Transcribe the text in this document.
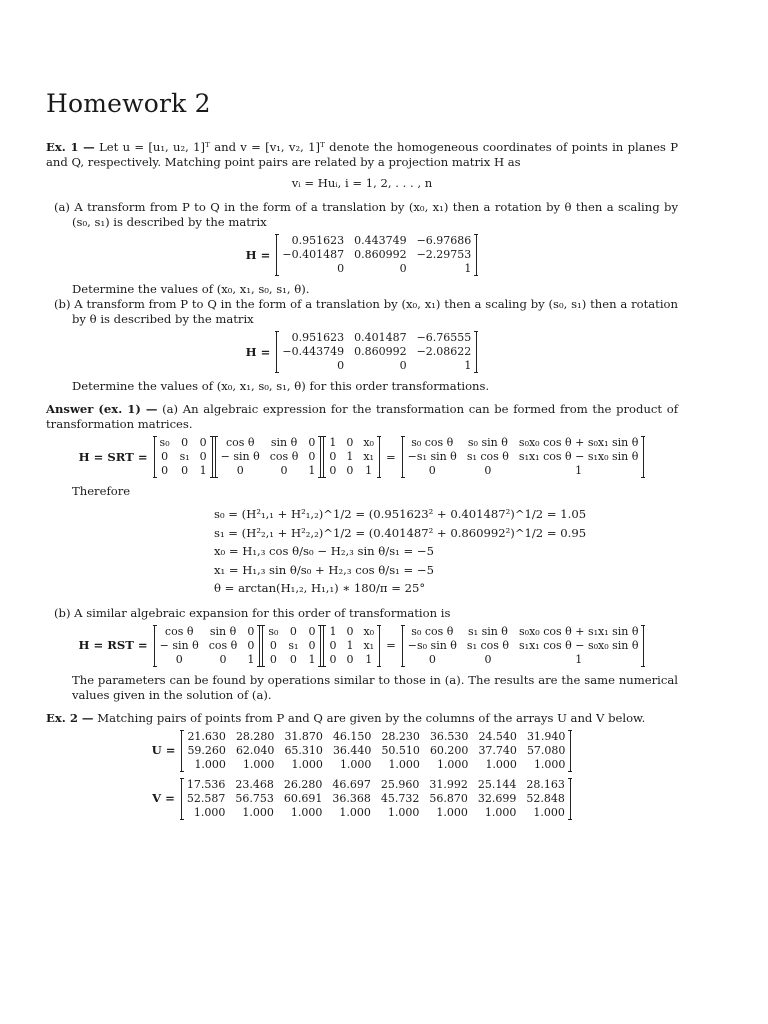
Homework 2

Ex. 1 — Let u = [u₁, u₂, 1]ᵀ and v = [v₁, v₂, 1]ᵀ denote the homogeneous coordinates of points in planes P and Q, respectively. Matching point pairs are related by a projection matrix H as

vᵢ = Huᵢ, i = 1, 2, . . . , n

(a) A transform from P to Q in the form of a translation by (x₀, x₁) then a rotation by θ then a scaling by (s₀, s₁) is described by the matrix

H =
0.951623	0.443749	−6.97686
−0.401487	0.860992	−2.29753
0	0	1

Determine the values of (x₀, x₁, s₀, s₁, θ).

(b) A transform from P to Q in the form of a translation by (x₀, x₁) then a scaling by (s₀, s₁) then a rotation by θ is described by the matrix

H =
0.951623	0.401487	−6.76555
−0.443749	0.860992	−2.08622
0	0	1

Determine the values of (x₀, x₁, s₀, s₁, θ) for this order transformations.

Answer (ex. 1) — (a) An algebraic expression for the transformation can be formed from the product of transformation matrices.

H = SRT =
s₀	0	0
0	s₁	0
0	0	1
cos θ	sin θ	0
− sin θ	cos θ	0
0	0	1
1	0	x₀
0	1	x₁
0	0	1
=
s₀ cos θ	s₀ sin θ	s₀x₀ cos θ + s₀x₁ sin θ
−s₁ sin θ	s₁ cos θ	s₁x₁ cos θ − s₁x₀ sin θ
0	0	1

Therefore

s₀ = (H²₁,₁ + H²₁,₂)^1/2 = (0.951623² + 0.401487²)^1/2 = 1.05
s₁ = (H²₂,₁ + H²₂,₂)^1/2 = (0.401487² + 0.860992²)^1/2 = 0.95
x₀ = H₁,₃ cos θ/s₀ − H₂,₃ sin θ/s₁ = −5
x₁ = H₁,₃ sin θ/s₀ + H₂,₃ cos θ/s₁ = −5
θ = arctan(H₁,₂, H₁,₁) ∗ 180/π = 25°

(b) A similar algebraic expansion for this order of transformation is

H = RST =
cos θ	sin θ	0
− sin θ	cos θ	0
0	0	1
s₀	0	0
0	s₁	0
0	0	1
1	0	x₀
0	1	x₁
0	0	1
=
s₀ cos θ	s₁ sin θ	s₀x₀ cos θ + s₁x₁ sin θ
−s₀ sin θ	s₁ cos θ	s₁x₁ cos θ − s₀x₀ sin θ
0	0	1

The parameters can be found by operations similar to those in (a). The results are the same numerical values given in the solution of (a).

Ex. 2 — Matching pairs of points from P and Q are given by the columns of the arrays U and V below.

U =
21.630	28.280	31.870	46.150	28.230	36.530	24.540	31.940
59.260	62.040	65.310	36.440	50.510	60.200	37.740	57.080
1.000	1.000	1.000	1.000	1.000	1.000	1.000	1.000
V =
17.536	23.468	26.280	46.697	25.960	31.992	25.144	28.163
52.587	56.753	60.691	36.368	45.732	56.870	32.699	52.848
1.000	1.000	1.000	1.000	1.000	1.000	1.000	1.000
